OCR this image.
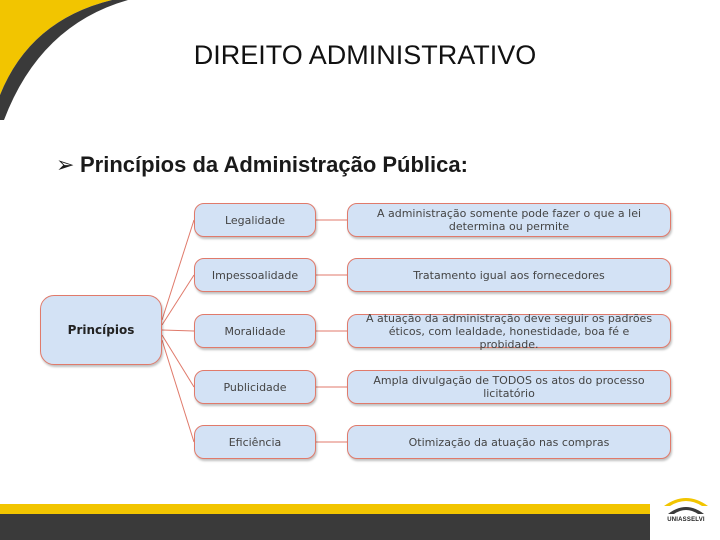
DIREITO ADMINISTRATIVO
➢ Princípios da Administração Pública:
Princípios
Legalidade
Impessoalidade
Moralidade
Publicidade
Eficiência
A administração somente pode fazer o que a lei determina ou permite
Tratamento igual aos fornecedores
A atuação da administração deve seguir os padrões éticos, com lealdade, honestidade, boa fé e probidade.
Ampla divulgação de TODOS os atos do processo licitatório
Otimização da atuação nas compras
UNIASSELVI
